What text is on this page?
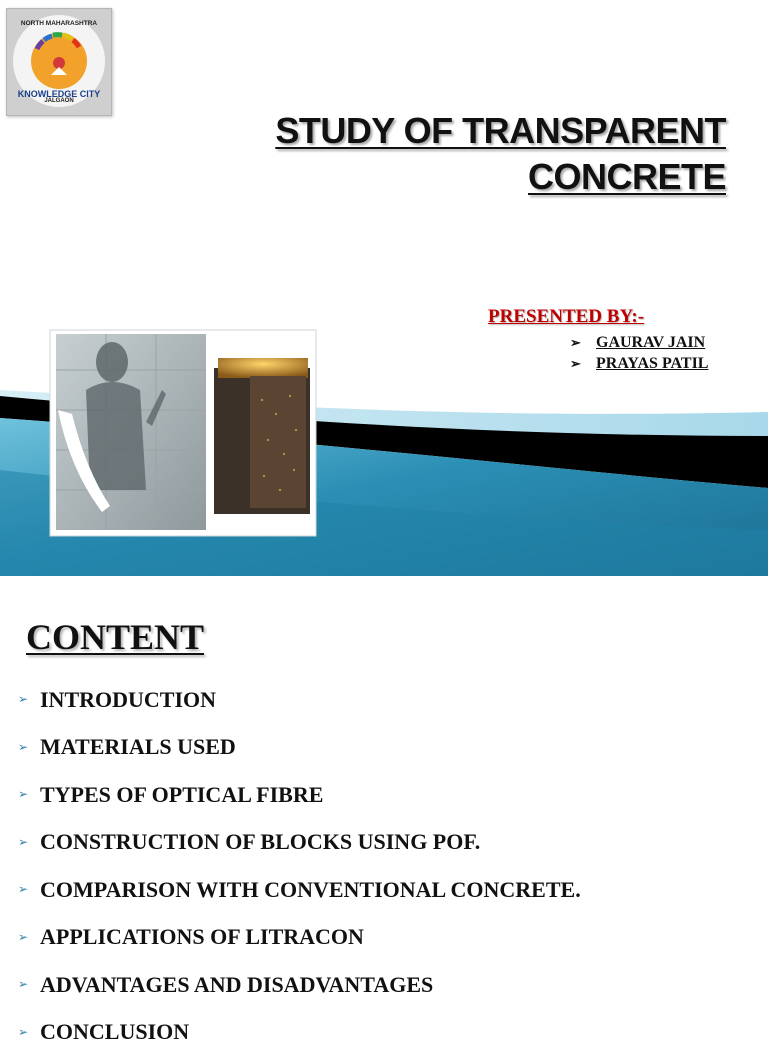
NORTH MAHARASHTRA
KNOWLEDGE CITY
JALGAON
STUDY OF TRANSPARENT
CONCRETE
PRESENTED BY:-
➢ GAURAV JAIN
➢ PRAYAS PATIL
CONTENT
➢ INTRODUCTION
➢ MATERIALS USED
➢ TYPES OF OPTICAL FIBRE
➢ CONSTRUCTION OF BLOCKS USING POF.
➢ COMPARISON WITH CONVENTIONAL CONCRETE.
➢ APPLICATIONS OF LITRACON
➢ ADVANTAGES AND DISADVANTAGES
➢ CONCLUSION
